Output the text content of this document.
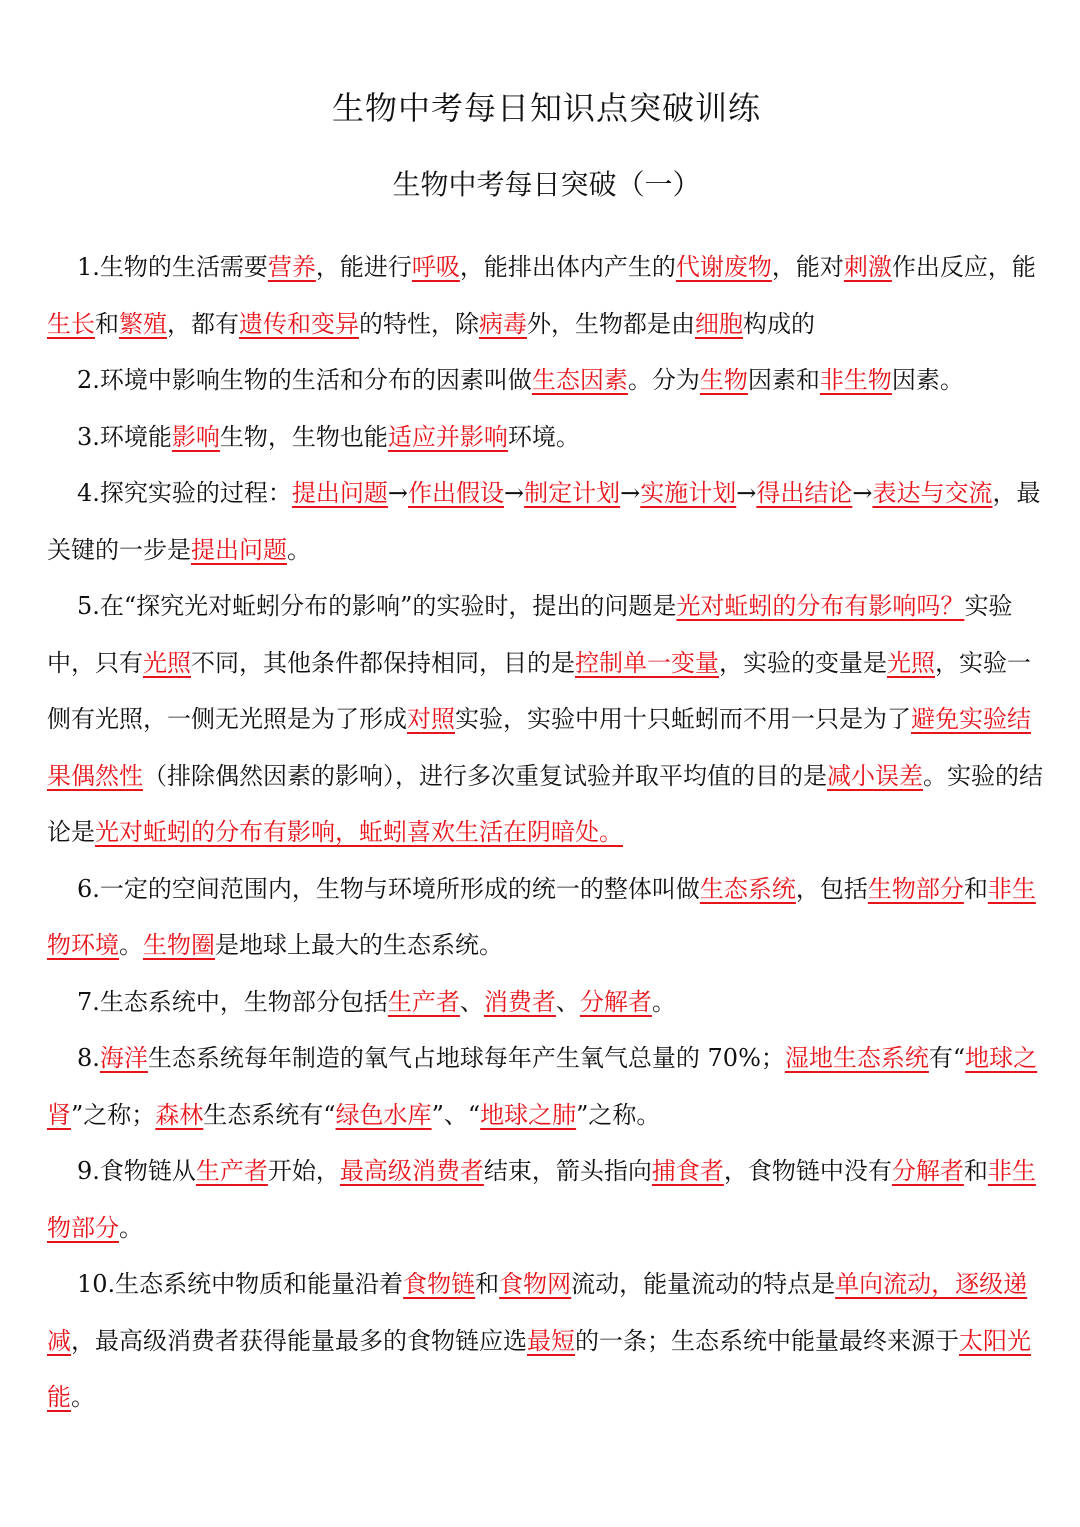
生物中考每日知识点突破训练
生物中考每日突破（一）

1.生物的生活需要营养，能进行呼吸，能排出体内产生的代谢废物，能对刺激作出反应，能生长和繁殖，都有遗传和变异的特性，除病毒外，生物都是由细胞构成的

2.环境中影响生物的生活和分布的因素叫做生态因素。分为生物因素和非生物因素。

3.环境能影响生物，生物也能适应并影响环境。

4.探究实验的过程：提出问题→作出假设→制定计划→实施计划→得出结论→表达与交流，最关键的一步是提出问题。

5.在“探究光对蚯蚓分布的影响”的实验时，提出的问题是光对蚯蚓的分布有影响吗？实验中，只有光照不同，其他条件都保持相同，目的是控制单一变量，实验的变量是光照，实验一侧有光照，一侧无光照是为了形成对照实验，实验中用十只蚯蚓而不用一只是为了避免实验结果偶然性（排除偶然因素的影响），进行多次重复试验并取平均值的目的是减小误差。实验的结论是光对蚯蚓的分布有影响，蚯蚓喜欢生活在阴暗处。

6.一定的空间范围内，生物与环境所形成的统一的整体叫做生态系统，包括生物部分和非生物环境。生物圈是地球上最大的生态系统。

7.生态系统中，生物部分包括生产者、消费者、分解者。

8.海洋生态系统每年制造的氧气占地球每年产生氧气总量的 70%；湿地生态系统有“地球之肾”之称；森林生态系统有“绿色水库”、“地球之肺”之称。

9.食物链从生产者开始，最高级消费者结束，箭头指向捕食者，食物链中没有分解者和非生物部分。

10.生态系统中物质和能量沿着食物链和食物网流动，能量流动的特点是单向流动，逐级递减，最高级消费者获得能量最多的食物链应选最短的一条；生态系统中能量最终来源于太阳光能。
